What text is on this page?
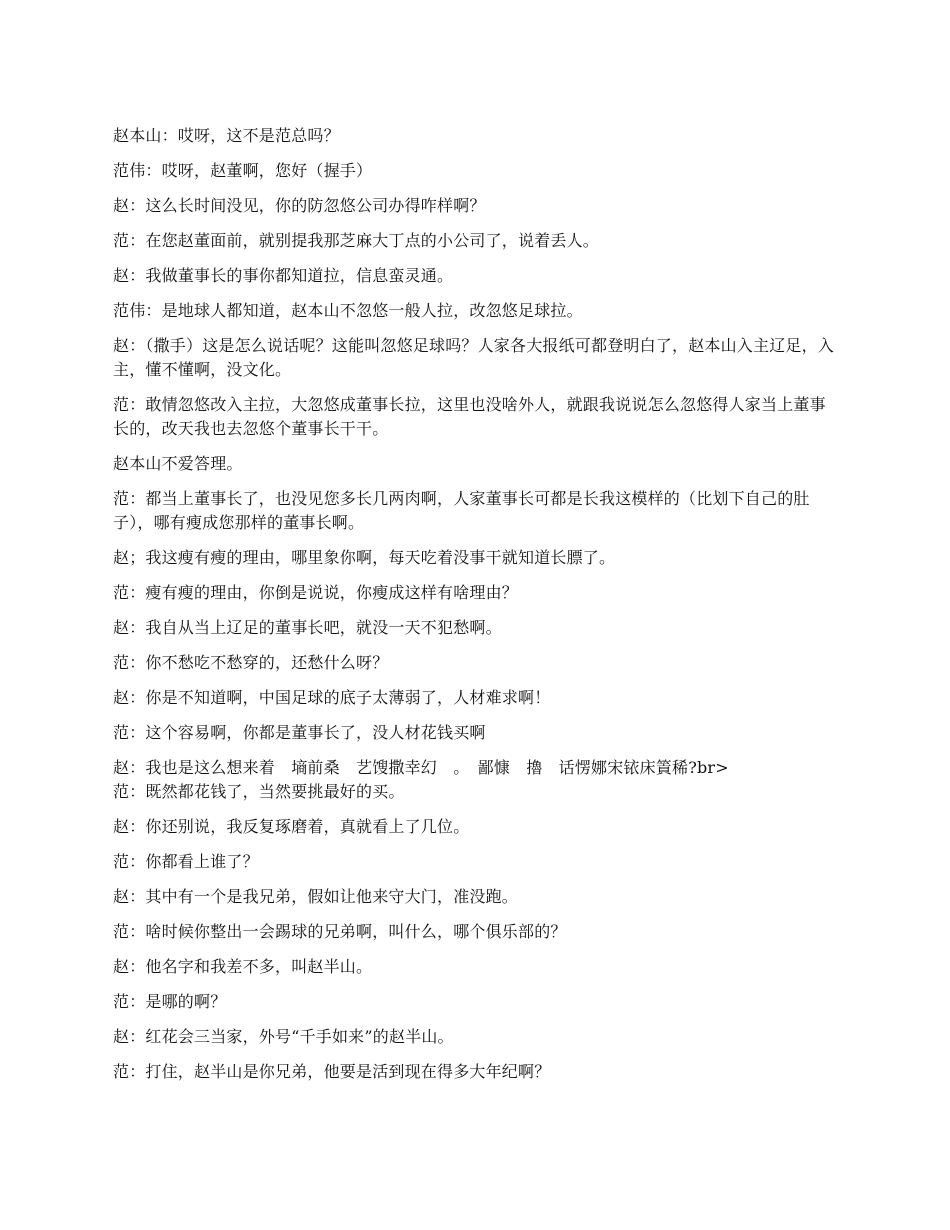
赵本山：哎呀，这不是范总吗？

范伟：哎呀，赵董啊，您好（握手）

赵：这么长时间没见，你的防忽悠公司办得咋样啊？

范：在您赵董面前，就别提我那芝麻大丁点的小公司了，说着丢人。

赵：我做董事长的事你都知道拉，信息蛮灵通。

范伟：是地球人都知道，赵本山不忽悠一般人拉，改忽悠足球拉。

赵：（撒手）这是怎么说话呢？这能叫忽悠足球吗？人家各大报纸可都登明白了，赵本山入主辽足，入主，懂不懂啊，没文化。

范：敢情忽悠改入主拉，大忽悠成董事长拉，这里也没啥外人，就跟我说说怎么忽悠得人家当上董事长的，改天我也去忽悠个董事长干干。

赵本山不爱答理。

范：都当上董事长了，也没见您多长几两肉啊，人家董事长可都是长我这模样的（比划下自己的肚子），哪有瘦成您那样的董事长啊。

赵；我这瘦有瘦的理由，哪里象你啊，每天吃着没事干就知道长膘了。

范：瘦有瘦的理由，你倒是说说，你瘦成这样有啥理由？

赵：我自从当上辽足的董事长吧，就没一天不犯愁啊。

范：你不愁吃不愁穿的，还愁什么呀？

赵：你是不知道啊，中国足球的底子太薄弱了，人材难求啊！

范：这个容易啊，你都是董事长了，没人材花钱买啊

赵：我也是这么想来着　墒前桑　艺馊撒幸幻　。　鄙慷　擼　话愣娜宋铱床篢稀?br>

范：既然都花钱了，当然要挑最好的买。

赵：你还别说，我反复琢磨着，真就看上了几位。

范：你都看上谁了？

赵：其中有一个是我兄弟，假如让他来守大门，准没跑。

范：啥时候你整出一会踢球的兄弟啊，叫什么，哪个俱乐部的？

赵：他名字和我差不多，叫赵半山。

范：是哪的啊？

赵：红花会三当家，外号“千手如来”的赵半山。

范：打住，赵半山是你兄弟，他要是活到现在得多大年纪啊？
